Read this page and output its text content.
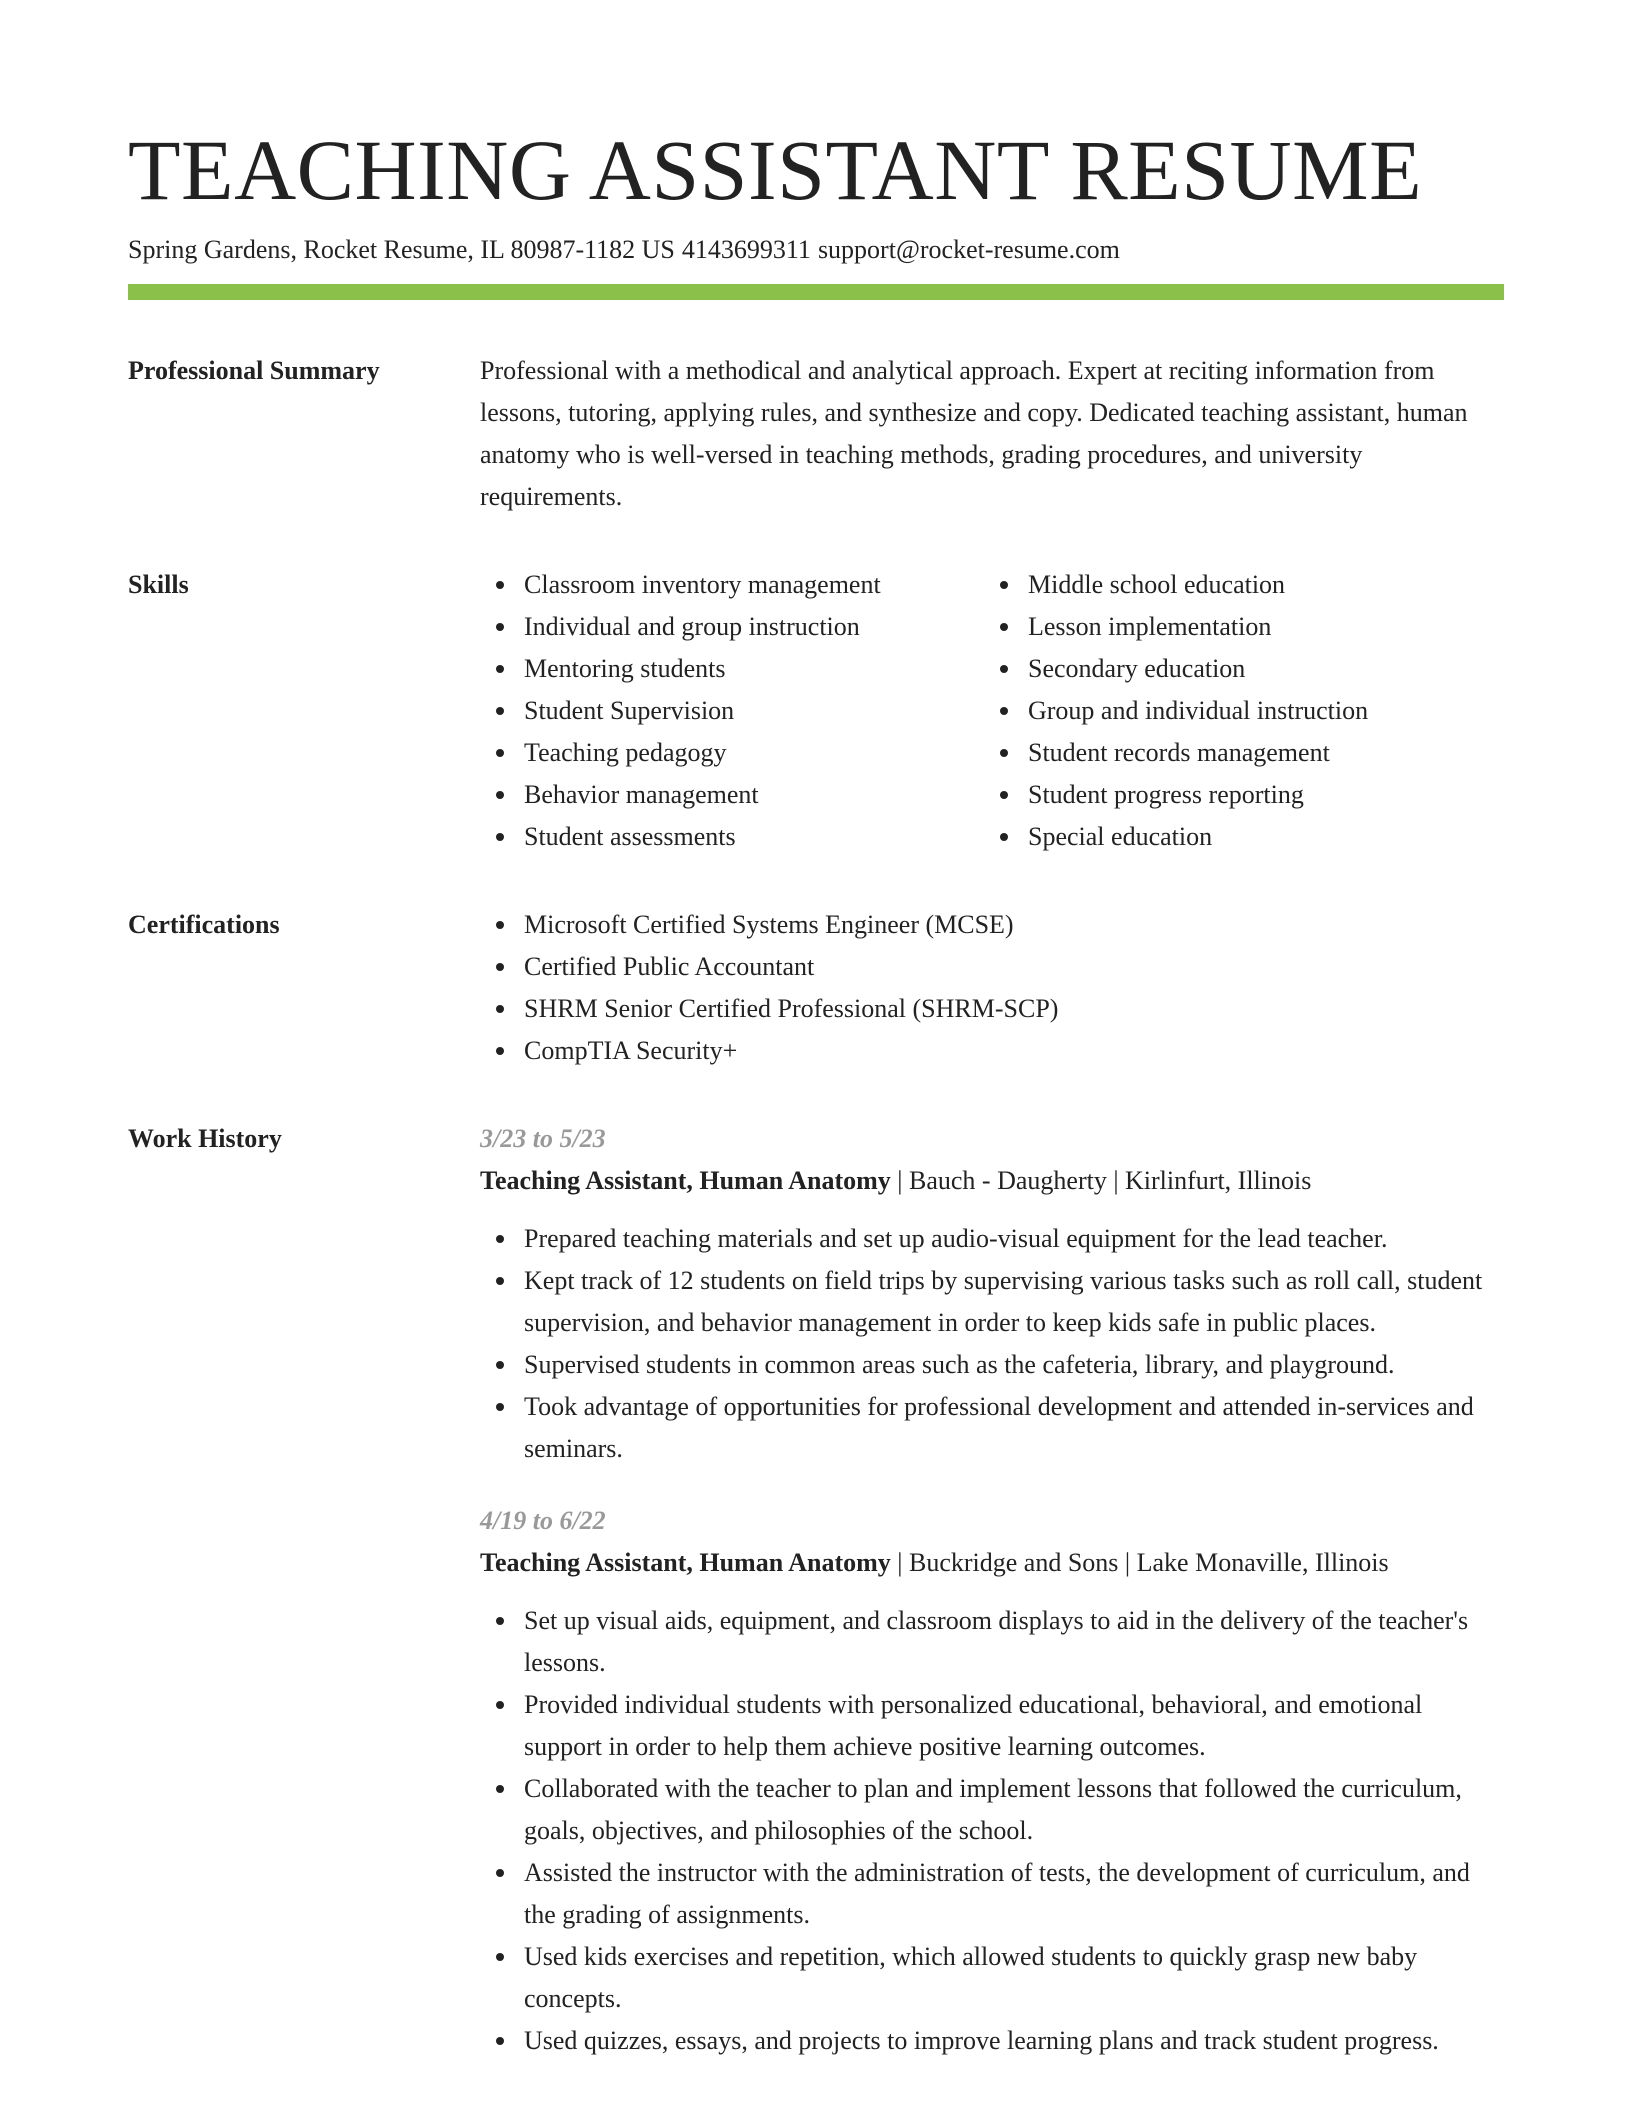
TEACHING ASSISTANT RESUME
Spring Gardens, Rocket Resume, IL 80987-1182 US 4143699311 support@rocket-resume.com
Professional Summary	Professional with a methodical and analytical approach. Expert at reciting information from lessons, tutoring, applying rules, and synthesize and copy. Dedicated teaching assistant, human anatomy who is well-versed in teaching methods, grading procedures, and university requirements.

Skills	Classroom inventory management
Individual and group instruction
Mentoring students
Student Supervision
Teaching pedagogy
Behavior management
Student assessments
Middle school education
Lesson implementation
Secondary education
Group and individual instruction
Student records management
Student progress reporting
Special education
Certifications	Microsoft Certified Systems Engineer (MCSE)
Certified Public Accountant
SHRM Senior Certified Professional (SHRM-SCP)
CompTIA Security+
Work History	3/23 to 5/23
Teaching Assistant, Human Anatomy | Bauch - Daugherty | Kirlinfurt, Illinois
Prepared teaching materials and set up audio-visual equipment for the lead teacher.
Kept track of 12 students on field trips by supervising various tasks such as roll call, student supervision, and behavior management in order to keep kids safe in public places.
Supervised students in common areas such as the cafeteria, library, and playground.
Took advantage of opportunities for professional development and attended in-services and seminars.
4/19 to 6/22
Teaching Assistant, Human Anatomy | Buckridge and Sons | Lake Monaville, Illinois
Set up visual aids, equipment, and classroom displays to aid in the delivery of the teacher's lessons.
Provided individual students with personalized educational, behavioral, and emotional support in order to help them achieve positive learning outcomes.
Collaborated with the teacher to plan and implement lessons that followed the curriculum, goals, objectives, and philosophies of the school.
Assisted the instructor with the administration of tests, the development of curriculum, and the grading of assignments.
Used kids exercises and repetition, which allowed students to quickly grasp new baby concepts.
Used quizzes, essays, and projects to improve learning plans and track student progress.
